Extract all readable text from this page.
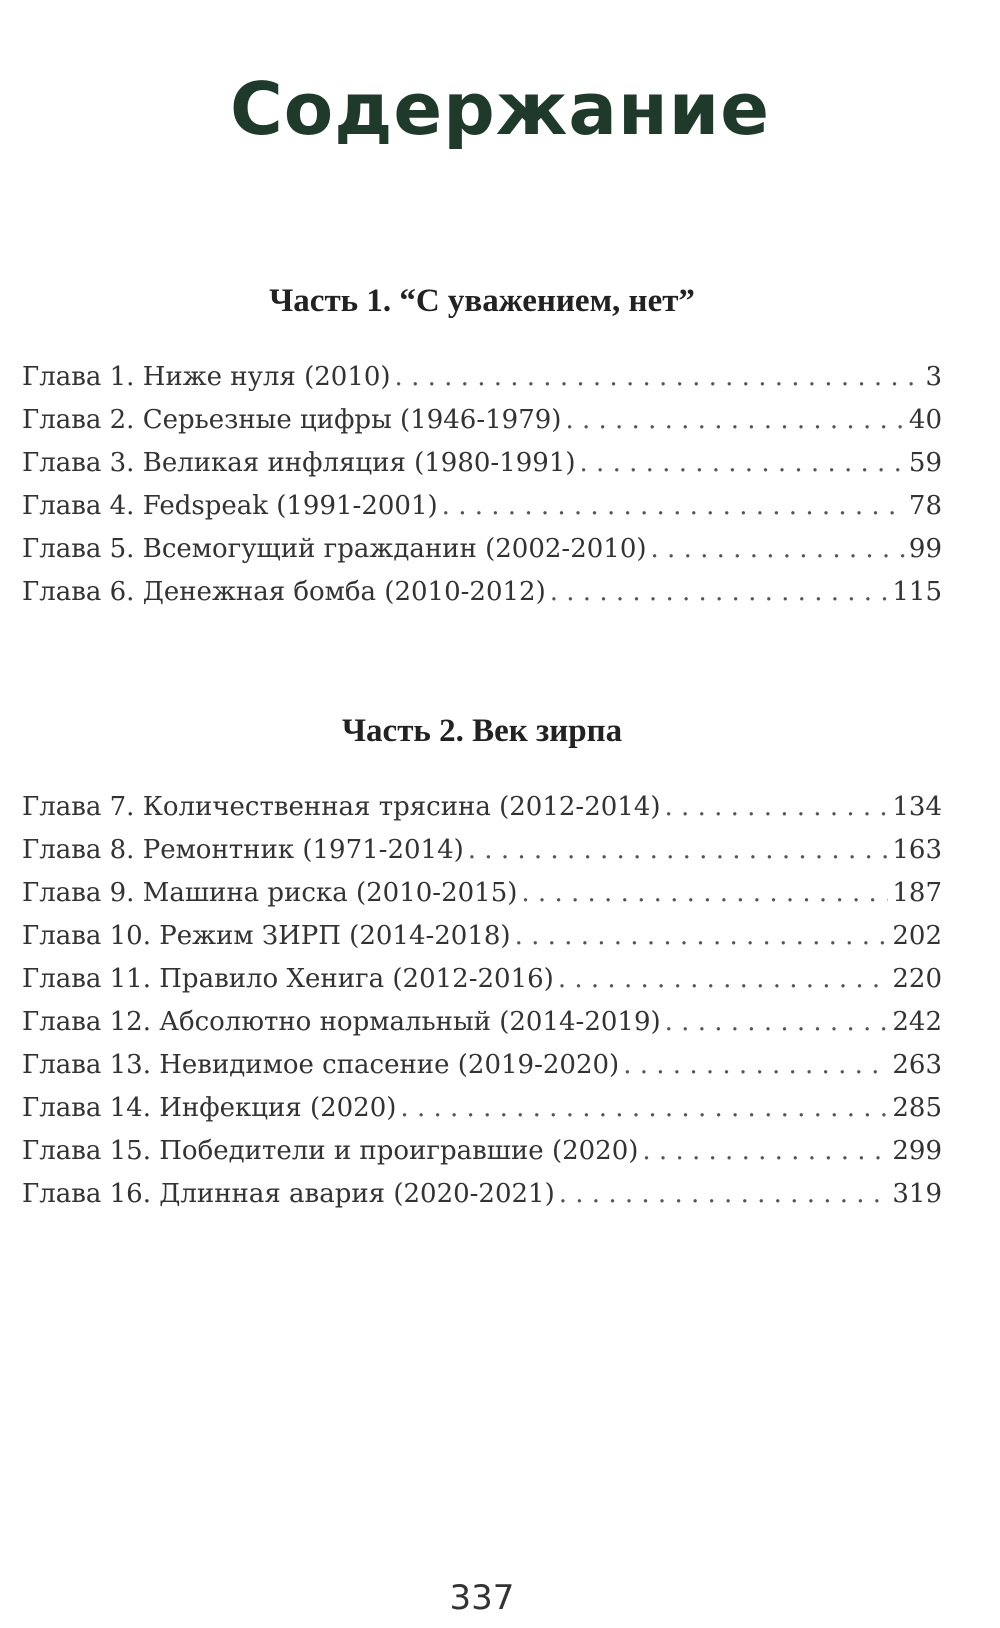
Содержание
Часть 1. “С уважением, нет”
Глава 1. Ниже нуля (2010) . . .	3
Глава 2. Серьезные цифры (1946-1979) . . .	40
Глава 3. Великая инфляция (1980-1991) . . .	59
Глава 4. Fedspeak (1991-2001) . . .	78
Глава 5. Всемогущий гражданин (2002-2010) . . .	99
Глава 6. Денежная бомба (2010-2012) . . .	115
Часть 2. Век зирпа
Глава 7. Количественная трясина (2012-2014) . . .	134
Глава 8. Ремонтник (1971-2014) . . .	163
Глава 9. Машина риска (2010-2015) . . .	187
Глава 10. Режим ЗИРП (2014-2018) . . .	202
Глава 11. Правило Хенига (2012-2016) . . .	220
Глава 12. Абсолютно нормальный (2014-2019) . . .	242
Глава 13. Невидимое спасение (2019-2020) . . .	263
Глава 14. Инфекция (2020) . . .	285
Глава 15. Победители и проигравшие (2020) . . .	299
Глава 16. Длинная авария (2020-2021) . . .	319
337
